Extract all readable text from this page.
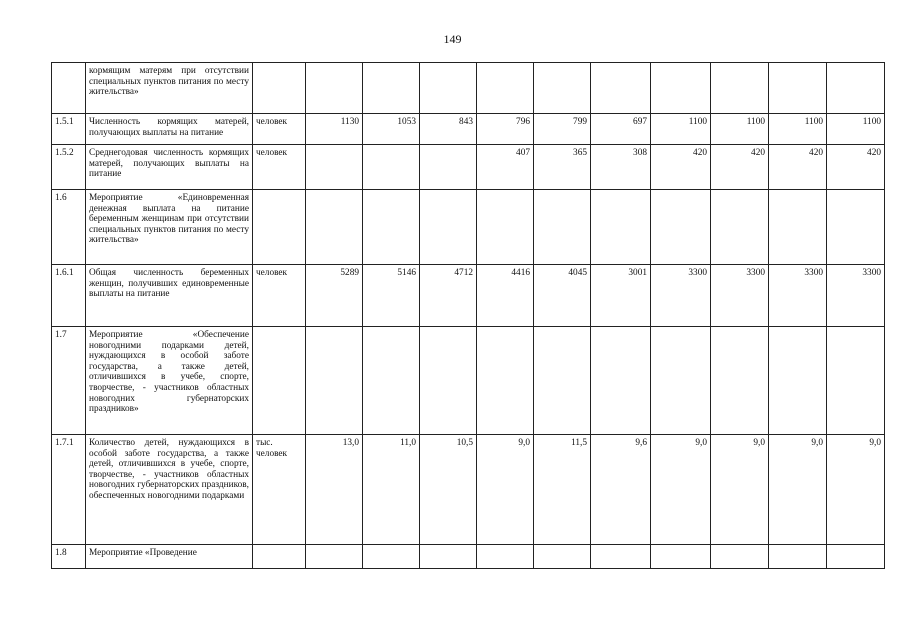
149
	кормящим матерям при отсутствии специальных пунктов питания по месту жительства»											
1.5.1	Численность кормящих матерей, получающих выплаты на питание	человек	1130	1053	843	796	799	697	1100	1100	1100	1100
1.5.2	Среднегодовая численность кормящих матерей, получающих выплаты на питание	человек				407	365	308	420	420	420	420
1.6	Мероприятие «Единовременная денежная выплата на питание беременным женщинам при отсутствии специальных пунктов питания по месту жительства»											
1.6.1	Общая численность беременных женщин, получивших единовременные выплаты на питание	человек	5289	5146	4712	4416	4045	3001	3300	3300	3300	3300
1.7	Мероприятие «Обеспечение новогодними подарками детей, нуждающихся в особой заботе государства, а также детей, отличившихся в учебе, спорте, творчестве, - участников областных новогодних губернаторских праздников»											
1.7.1	Количество детей, нуждающихся в особой заботе государства, а также детей, отличившихся в учебе, спорте, творчестве, - участников областных новогодних губернаторских праздников, обеспеченных новогодними подарками	тыс. человек	13,0	11,0	10,5	9,0	11,5	9,6	9,0	9,0	9,0	9,0
1.8	Мероприятие «Проведение											
